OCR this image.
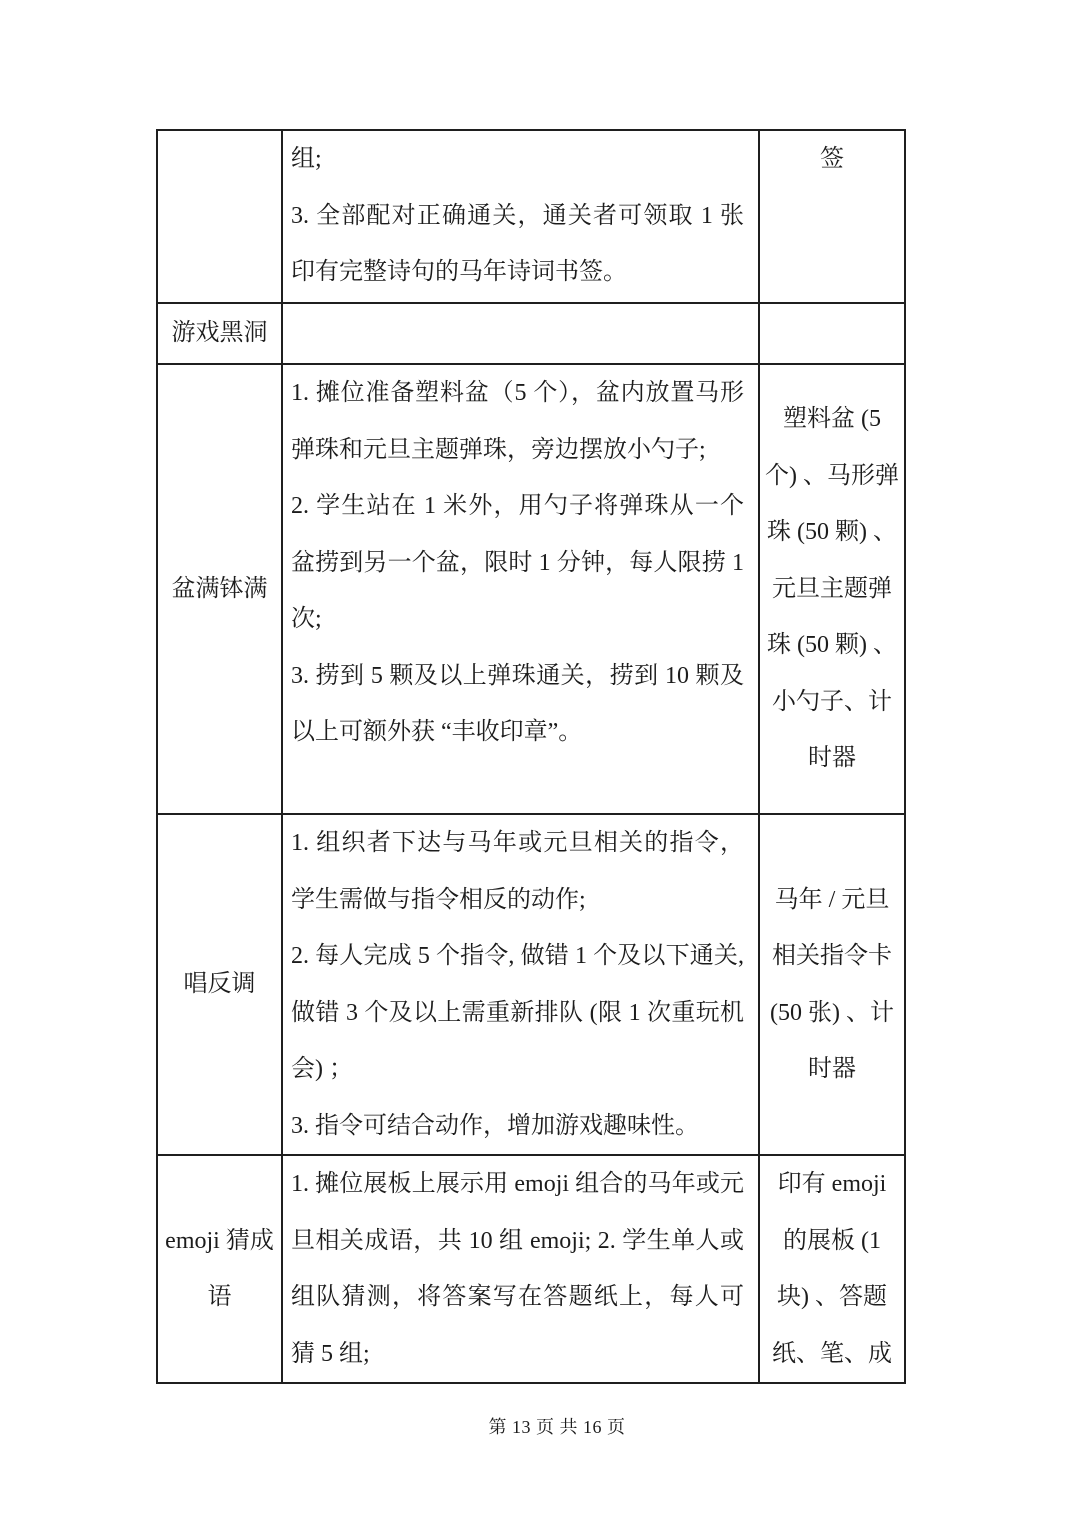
	组;
3. 全部配对正确通关，通关者可领取 1 张印有完整诗句的马年诗词书签。	签
游戏黑洞		
盆满钵满	1. 摊位准备塑料盆（5 个），盆内放置马形弹珠和元旦主题弹珠，旁边摆放小勺子;
2. 学生站在 1 米外，用勺子将弹珠从一个盆捞到另一个盆，限时 1 分钟，每人限捞 1 次;
3. 捞到 5 颗及以上弹珠通关，捞到 10 颗及以上可额外获 “丰收印章”。	塑料盆 (5 个) 、马形弹珠 (50 颗) 、元旦主题弹珠 (50 颗) 、小勺子、计时器
唱反调	1. 组织者下达与马年或元旦相关的指令，学生需做与指令相反的动作;
2. 每人完成 5 个指令, 做错 1 个及以下通关, 做错 3 个及以上需重新排队 (限 1 次重玩机会) ；
3. 指令可结合动作，增加游戏趣味性。	马年 / 元旦相关指令卡 (50 张) 、计时器
emoji 猜成语	1. 摊位展板上展示用 emoji 组合的马年或元旦相关成语，共 10 组 emoji; 2. 学生单人或组队猜测，将答案写在答题纸上，每人可猜 5 组;	印有 emoji 的展板 (1 块) 、答题纸、笔、成
第 13 页 共 16 页
